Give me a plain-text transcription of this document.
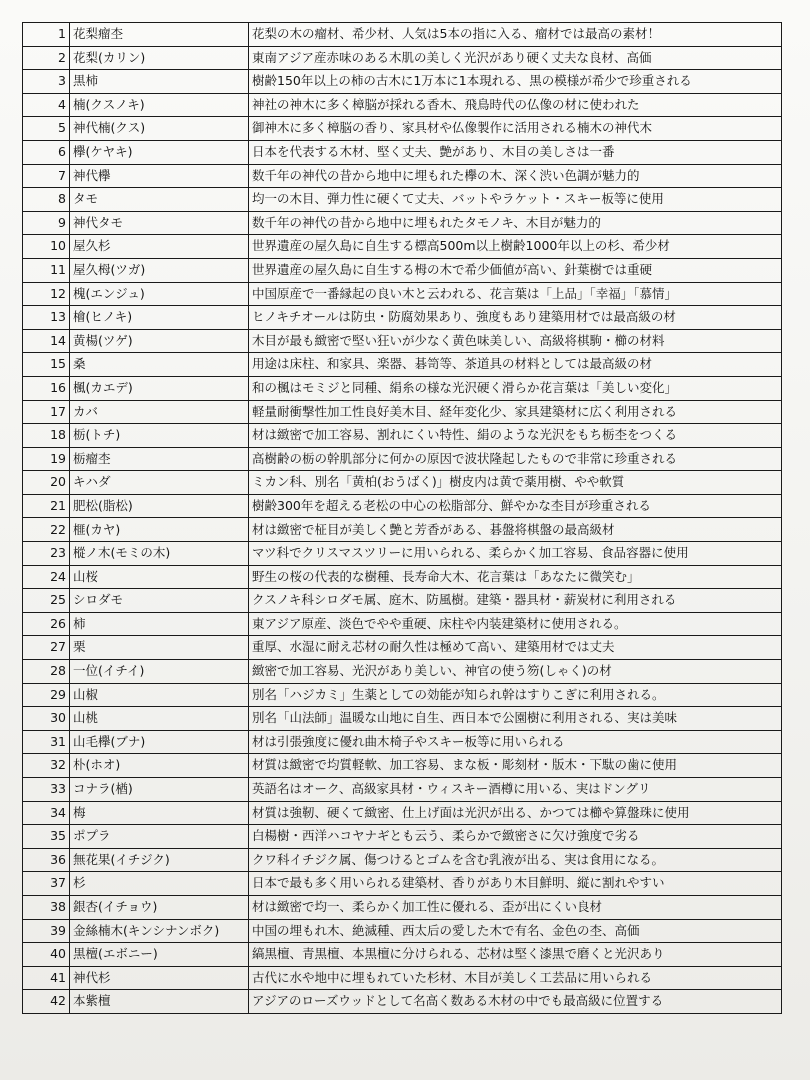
1	花梨瘤杢	花梨の木の瘤材、希少材、人気は5本の指に入る、瘤材では最高の素材！
2	花梨(カリン)	東南アジア産赤味のある木肌の美しく光沢があり硬く丈夫な良材、高価
3	黒柿	樹齢150年以上の柿の古木に1万本に1本現れる、黒の模様が希少で珍重される
4	楠(クスノキ)	神社の神木に多く樟脳が採れる香木、飛鳥時代の仏像の材に使われた
5	神代楠(クス)	御神木に多く樟脳の香り、家具材や仏像製作に活用される楠木の神代木
6	欅(ケヤキ)	日本を代表する木材、堅く丈夫、艶があり、木目の美しさは一番
7	神代欅	数千年の神代の昔から地中に埋もれた欅の木、深く渋い色調が魅力的
8	タモ	均一の木目、弾力性に硬くて丈夫、バットやラケット・スキー板等に使用
9	神代タモ	数千年の神代の昔から地中に埋もれたタモノキ、木目が魅力的
10	屋久杉	世界遺産の屋久島に自生する標高500m以上樹齢1000年以上の杉、希少材
11	屋久栂(ツガ)	世界遺産の屋久島に自生する栂の木で希少価値が高い、針葉樹では重硬
12	槐(エンジュ)	中国原産で一番縁起の良い木と云われる、花言葉は「上品」「幸福」「慕情」
13	檜(ヒノキ)	ヒノキチオールは防虫・防腐効果あり、強度もあり建築用材では最高級の材
14	黄楊(ツゲ)	木目が最も緻密で堅い狂いが少なく黄色味美しい、高級将棋駒・櫛の材料
15	桑	用途は床柱、和家具、楽器、碁笥等、茶道具の材料としては最高級の材
16	楓(カエデ)	和の楓はモミジと同種、絹糸の様な光沢硬く滑らか花言葉は「美しい変化」
17	カバ	軽量耐衝撃性加工性良好美木目、経年変化少、家具建築材に広く利用される
18	栃(トチ)	材は緻密で加工容易、割れにくい特性、絹のような光沢をもち栃杢をつくる
19	栃瘤杢	高樹齢の栃の幹肌部分に何かの原因で波状隆起したもので非常に珍重される
20	キハダ	ミカン科、別名「黄柏(おうばく)」樹皮内は黄で薬用樹、やや軟質
21	肥松(脂松)	樹齢300年を超える老松の中心の松脂部分、鮮やかな杢目が珍重される
22	榧(カヤ)	材は緻密で柾目が美しく艶と芳香がある、碁盤将棋盤の最高級材
23	樅ノ木(モミの木)	マツ科でクリスマスツリーに用いられる、柔らかく加工容易、食品容器に使用
24	山桜	野生の桜の代表的な樹種、長寿命大木、花言葉は「あなたに微笑む」
25	シロダモ	クスノキ科シロダモ属、庭木、防風樹。建築・器具材・薪炭材に利用される
26	柿	東アジア原産、淡色でやや重硬、床柱や内装建築材に使用される。
27	栗	重厚、水湿に耐え芯材の耐久性は極めて高い、建築用材では丈夫
28	一位(イチイ)	緻密で加工容易、光沢があり美しい、神官の使う笏(しゃく)の材
29	山椒	別名「ハジカミ」生薬としての効能が知られ幹はすりこぎに利用される。
30	山桃	別名「山法師」温暖な山地に自生、西日本で公園樹に利用される、実は美味
31	山毛欅(ブナ)	材は引張強度に優れ曲木椅子やスキー板等に用いられる
32	朴(ホオ)	材質は緻密で均質軽軟、加工容易、まな板・彫刻材・版木・下駄の歯に使用
33	コナラ(楢)	英語名はオーク、高級家具材・ウィスキー酒樽に用いる、実はドングリ
34	梅	材質は強靭、硬くて緻密、仕上げ面は光沢が出る、かつては櫛や算盤珠に使用
35	ポプラ	白楊樹・西洋ハコヤナギとも云う、柔らかで緻密さに欠け強度で劣る
36	無花果(イチジク)	クワ科イチジク属、傷つけるとゴムを含む乳液が出る、実は食用になる。
37	杉	日本で最も多く用いられる建築材、香りがあり木目鮮明、縦に割れやすい
38	銀杏(イチョウ)	材は緻密で均一、柔らかく加工性に優れる、歪が出にくい良材
39	金絲楠木(キンシナンボク)	中国の埋もれ木、絶滅種、西太后の愛した木で有名、金色の杢、高価
40	黒檀(エボニー)	縞黒檀、青黒檀、本黒檀に分けられる、芯材は堅く漆黒で磨くと光沢あり
41	神代杉	古代に水や地中に埋もれていた杉材、木目が美しく工芸品に用いられる
42	本紫檀	アジアのローズウッドとして名高く数ある木材の中でも最高級に位置する
